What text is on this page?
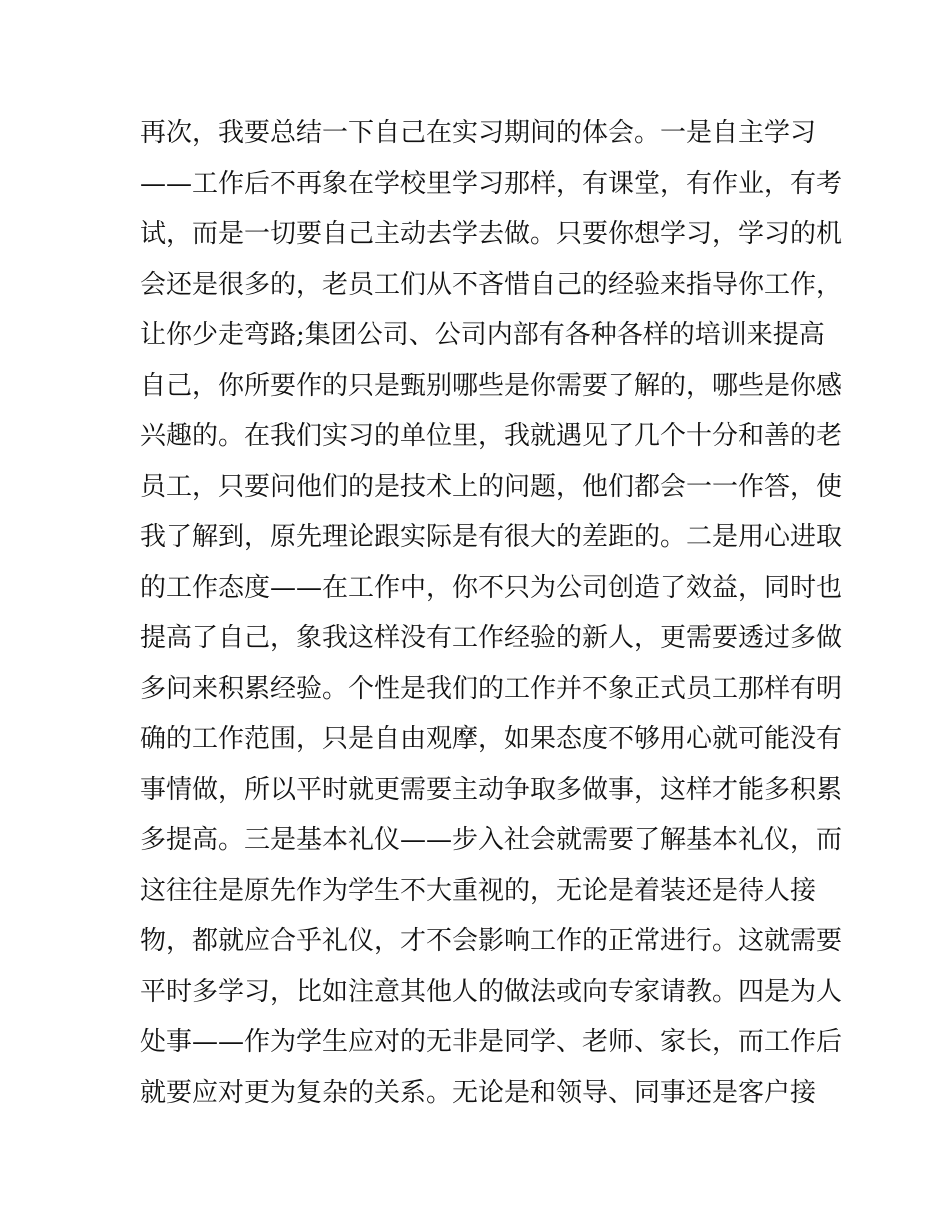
再次，我要总结一下自己在实习期间的体会。一是自主学习
——工作后不再象在学校里学习那样，有课堂，有作业，有考
试，而是一切要自己主动去学去做。只要你想学习，学习的机
会还是很多的，老员工们从不吝惜自己的经验来指导你工作，
让你少走弯路;集团公司、公司内部有各种各样的培训来提高
自己，你所要作的只是甄别哪些是你需要了解的，哪些是你感
兴趣的。在我们实习的单位里，我就遇见了几个十分和善的老
员工，只要问他们的是技术上的问题，他们都会一一作答，使
我了解到，原先理论跟实际是有很大的差距的。二是用心进取
的工作态度——在工作中，你不只为公司创造了效益，同时也
提高了自己，象我这样没有工作经验的新人，更需要透过多做
多问来积累经验。个性是我们的工作并不象正式员工那样有明
确的工作范围，只是自由观摩，如果态度不够用心就可能没有
事情做，所以平时就更需要主动争取多做事，这样才能多积累
多提高。三是基本礼仪——步入社会就需要了解基本礼仪，而
这往往是原先作为学生不大重视的，无论是着装还是待人接
物，都就应合乎礼仪，才不会影响工作的正常进行。这就需要
平时多学习，比如注意其他人的做法或向专家请教。四是为人
处事——作为学生应对的无非是同学、老师、家长，而工作后
就要应对更为复杂的关系。无论是和领导、同事还是客户接
